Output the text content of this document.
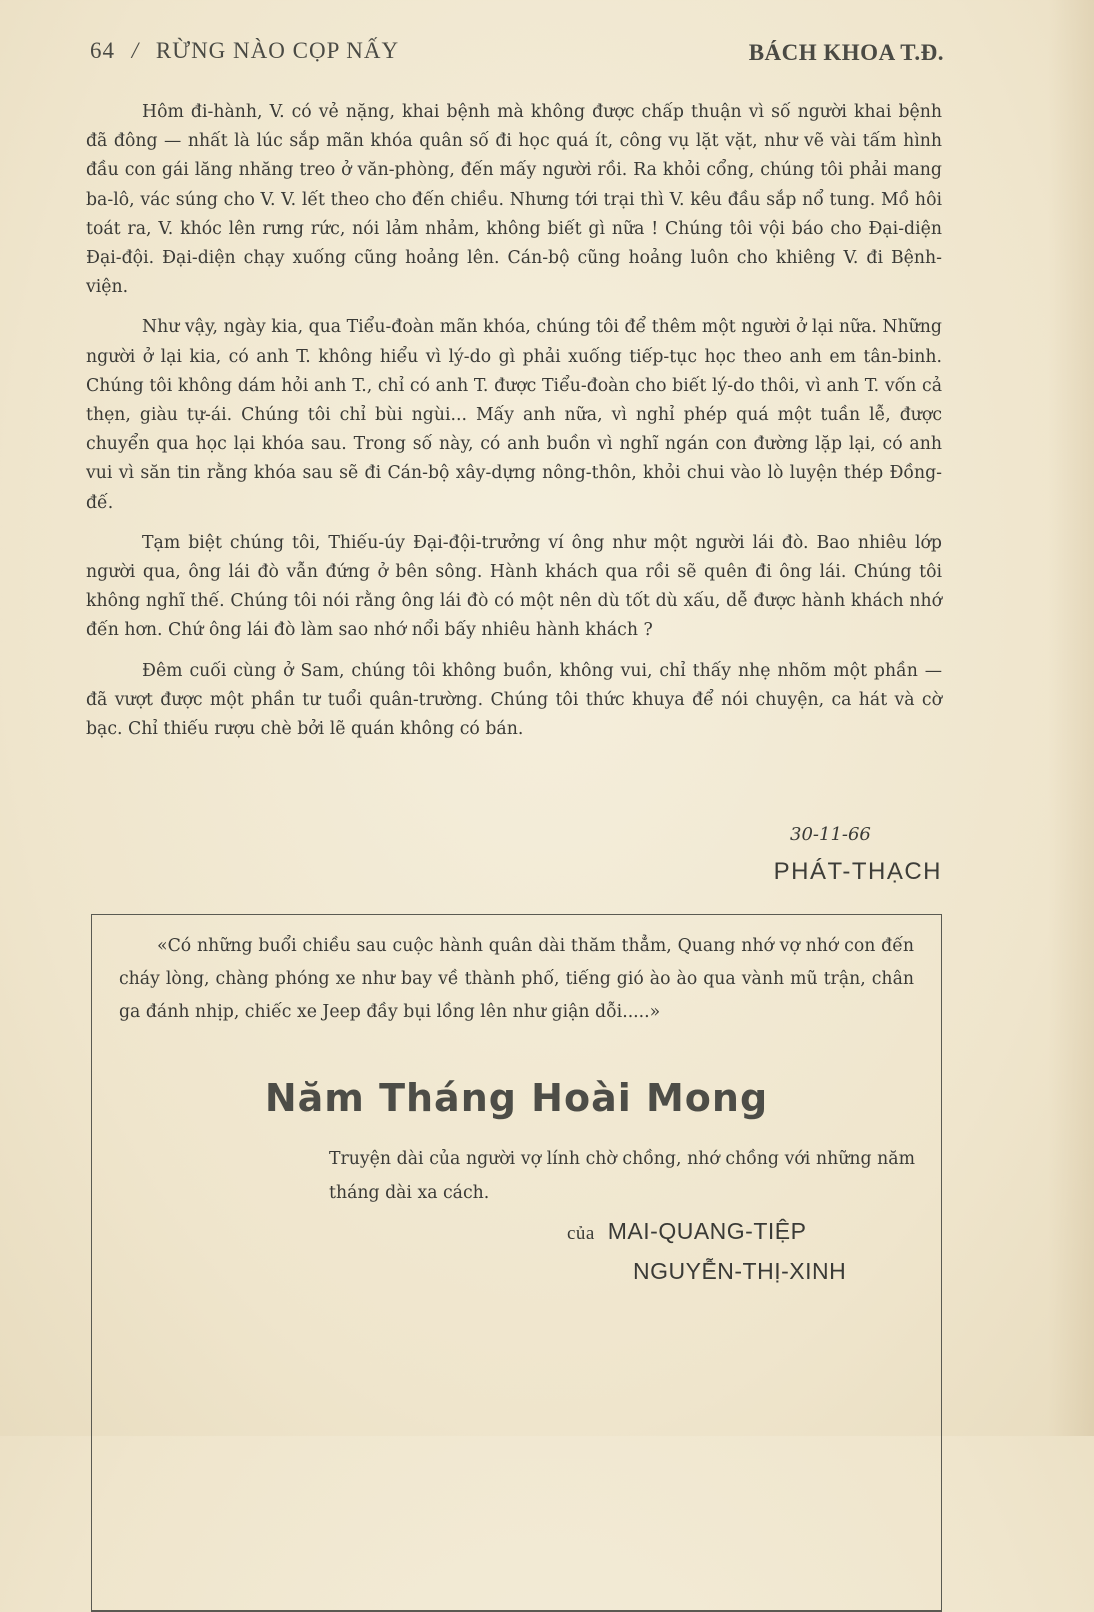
64 / RỪNG NÀO CỌP NẤY	BÁCH KHOA T.Đ.

Hôm đi-hành, V. có vẻ nặng, khai bệnh mà không được chấp thuận vì số người khai bệnh đã đông — nhất là lúc sắp mãn khóa quân số đi học quá ít, công vụ lặt vặt, như vẽ vài tấm hình đầu con gái lăng nhăng treo ở văn-phòng, đến mấy người rồi. Ra khỏi cổng, chúng tôi phải mang ba-lô, vác súng cho V. V. lết theo cho đến chiều. Nhưng tới trại thì V. kêu đầu sắp nổ tung. Mồ hôi toát ra, V. khóc lên rưng rức, nói lảm nhảm, không biết gì nữa ! Chúng tôi vội báo cho Đại-diện Đại-đội. Đại-diện chạy xuống cũng hoảng lên. Cán-bộ cũng hoảng luôn cho khiêng V. đi Bệnh-viện.

Như vậy, ngày kia, qua Tiểu-đoàn mãn khóa, chúng tôi để thêm một người ở lại nữa. Những người ở lại kia, có anh T. không hiểu vì lý-do gì phải xuống tiếp-tục học theo anh em tân-binh. Chúng tôi không dám hỏi anh T., chỉ có anh T. được Tiểu-đoàn cho biết lý-do thôi, vì anh T. vốn cả thẹn, giàu tự-ái. Chúng tôi chỉ bùi ngùi... Mấy anh nữa, vì nghỉ phép quá một tuần lễ, được chuyển qua học lại khóa sau. Trong số này, có anh buồn vì nghĩ ngán con đường lặp lại, có anh vui vì săn tin rằng khóa sau sẽ đi Cán-bộ xây-dựng nông-thôn, khỏi chui vào lò luyện thép Đồng-đế.

Tạm biệt chúng tôi, Thiếu-úy Đại-đội-trưởng ví ông như một người lái đò. Bao nhiêu lớp người qua, ông lái đò vẫn đứng ở bên sông. Hành khách qua rồi sẽ quên đi ông lái. Chúng tôi không nghĩ thế. Chúng tôi nói rằng ông lái đò có một nên dù tốt dù xấu, dễ được hành khách nhớ đến hơn. Chứ ông lái đò làm sao nhớ nổi bấy nhiêu hành khách ?

Đêm cuối cùng ở Sam, chúng tôi không buồn, không vui, chỉ thấy nhẹ nhõm một phần — đã vượt được một phần tư tuổi quân-trường. Chúng tôi thức khuya để nói chuyện, ca hát và cờ bạc. Chỉ thiếu rượu chè bởi lẽ quán không có bán.

30-11-66
PHÁT-THẠCH

«Có những buổi chiều sau cuộc hành quân dài thăm thẳm, Quang nhớ vợ nhớ con đến cháy lòng, chàng phóng xe như bay về thành phố, tiếng gió ào ào qua vành mũ trận, chân ga đánh nhịp, chiếc xe Jeep đầy bụi lồng lên như giận dỗi.....»

Năm Tháng Hoài Mong

Truyện dài của người vợ lính chờ chồng, nhớ chồng với những năm tháng dài xa cách.

của MAI-QUANG-TIỆP
NGUYỄN-THỊ-XINH
